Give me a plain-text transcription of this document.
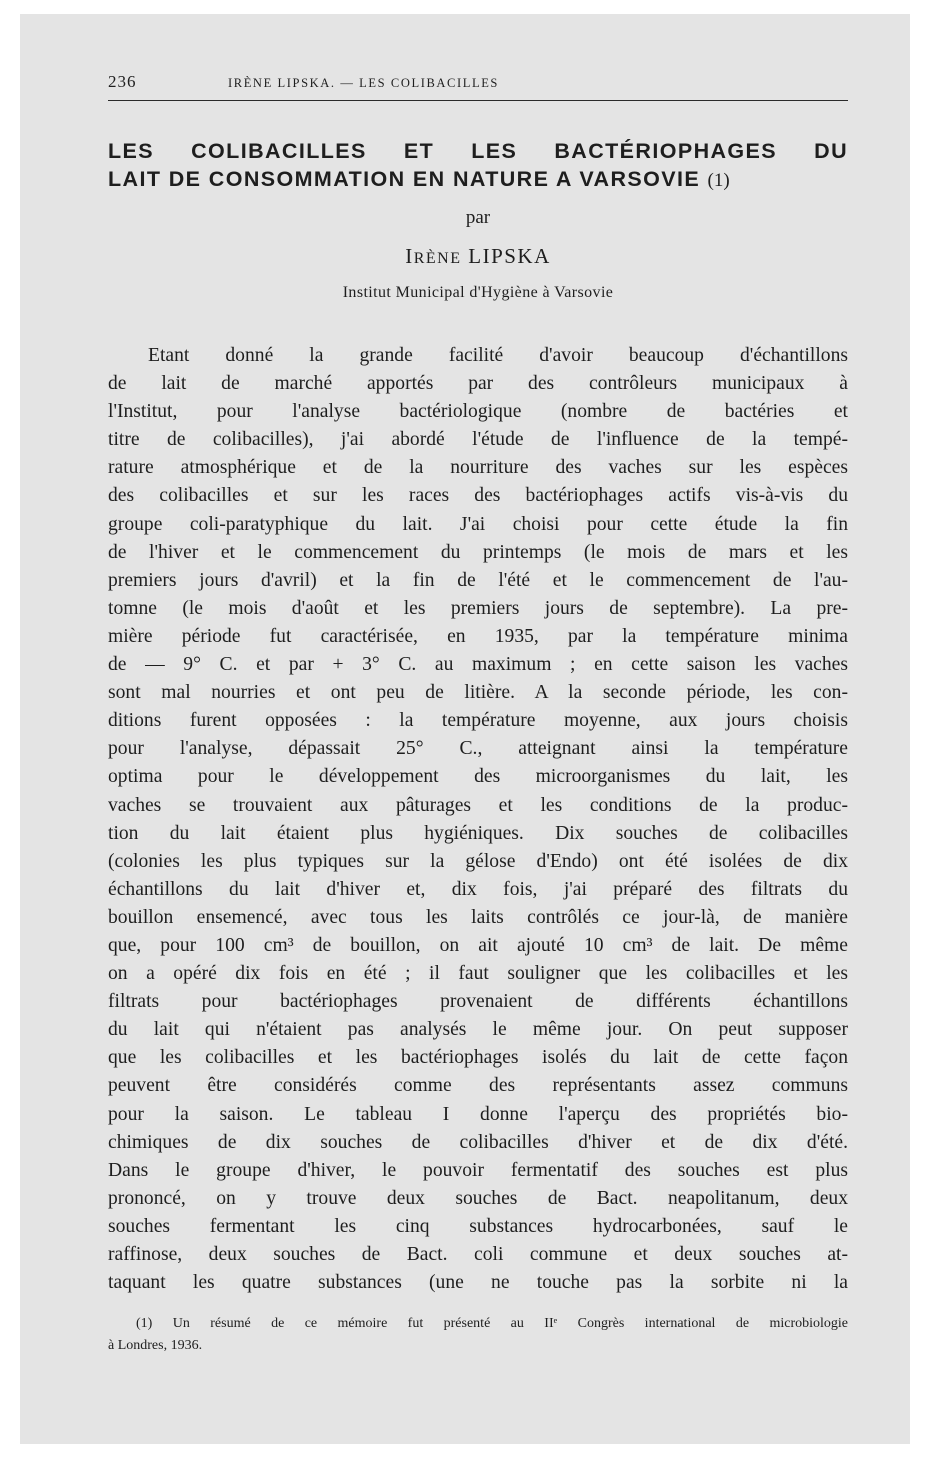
236	IRÈNE LIPSKA. — LES COLIBACILLES
LES COLIBACILLES ET LES BACTÉRIOPHAGES DU
LAIT DE CONSOMMATION EN NATURE A VARSOVIE (1)
par
IRÈNE LIPSKA
Institut Municipal d'Hygiène à Varsovie
Etant donné la grande facilité d'avoir beaucoup d'échantillons
de lait de marché apportés par des contrôleurs municipaux à
l'Institut, pour l'analyse bactériologique (nombre de bactéries et
titre de colibacilles), j'ai abordé l'étude de l'influence de la tempé-
rature atmosphérique et de la nourriture des vaches sur les espèces
des colibacilles et sur les races des bactériophages actifs vis-à-vis du
groupe coli-paratyphique du lait. J'ai choisi pour cette étude la fin
de l'hiver et le commencement du printemps (le mois de mars et les
premiers jours d'avril) et la fin de l'été et le commencement de l'au-
tomne (le mois d'août et les premiers jours de septembre). La pre-
mière période fut caractérisée, en 1935, par la température minima
de — 9° C. et par + 3° C. au maximum ; en cette saison les vaches
sont mal nourries et ont peu de litière. A la seconde période, les con-
ditions furent opposées : la température moyenne, aux jours choisis
pour l'analyse, dépassait 25° C., atteignant ainsi la température
optima pour le développement des microorganismes du lait, les
vaches se trouvaient aux pâturages et les conditions de la produc-
tion du lait étaient plus hygiéniques. Dix souches de colibacilles
(colonies les plus typiques sur la gélose d'Endo) ont été isolées de dix
échantillons du lait d'hiver et, dix fois, j'ai préparé des filtrats du
bouillon ensemencé, avec tous les laits contrôlés ce jour-là, de manière
que, pour 100 cm³ de bouillon, on ait ajouté 10 cm³ de lait. De même
on a opéré dix fois en été ; il faut souligner que les colibacilles et les
filtrats pour bactériophages provenaient de différents échantillons
du lait qui n'étaient pas analysés le même jour. On peut supposer
que les colibacilles et les bactériophages isolés du lait de cette façon
peuvent être considérés comme des représentants assez communs
pour la saison. Le tableau I donne l'aperçu des propriétés bio-
chimiques de dix souches de colibacilles d'hiver et de dix d'été.
Dans le groupe d'hiver, le pouvoir fermentatif des souches est plus
prononcé, on y trouve deux souches de Bact. neapolitanum, deux
souches fermentant les cinq substances hydrocarbonées, sauf le
raffinose, deux souches de Bact. coli commune et deux souches at-
taquant les quatre substances (une ne touche pas la sorbite ni la
(1) Un résumé de ce mémoire fut présenté au IIᵉ Congrès international de microbiologie
à Londres, 1936.
